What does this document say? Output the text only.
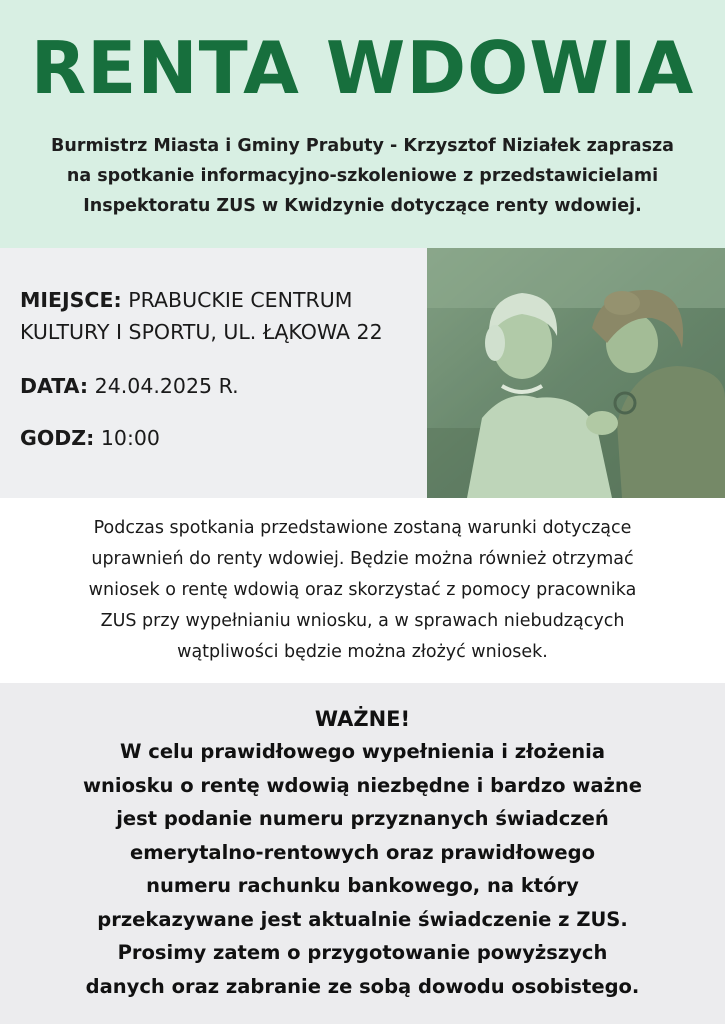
RENTA WDOWIA

Burmistrz Miasta i Gminy Prabuty - Krzysztof Niziałek zaprasza
na spotkanie informacyjno-szkoleniowe z przedstawicielami
Inspektoratu ZUS w Kwidzynie dotyczące renty wdowiej.

MIEJSCE: PRABUCKIE CENTRUM
KULTURY I SPORTU, UL. ŁĄKOWA 22

DATA: 24.04.2025 R.

GODZ: 10:00

Podczas spotkania przedstawione zostaną warunki dotyczące
uprawnień do renty wdowiej. Będzie można również otrzymać
wniosek o rentę wdowią oraz skorzystać z pomocy pracownika
ZUS przy wypełnianiu wniosku, a w sprawach niebudzących
wątpliwości będzie można złożyć wniosek.

WAŻNE!

W celu prawidłowego wypełnienia i złożenia
wniosku o rentę wdowią niezbędne i bardzo ważne
jest podanie numeru przyznanych świadczeń
emerytalno-rentowych oraz prawidłowego
numeru rachunku bankowego, na który
przekazywane jest aktualnie świadczenie z ZUS.
Prosimy zatem o przygotowanie powyższych
danych oraz zabranie ze sobą dowodu osobistego.
